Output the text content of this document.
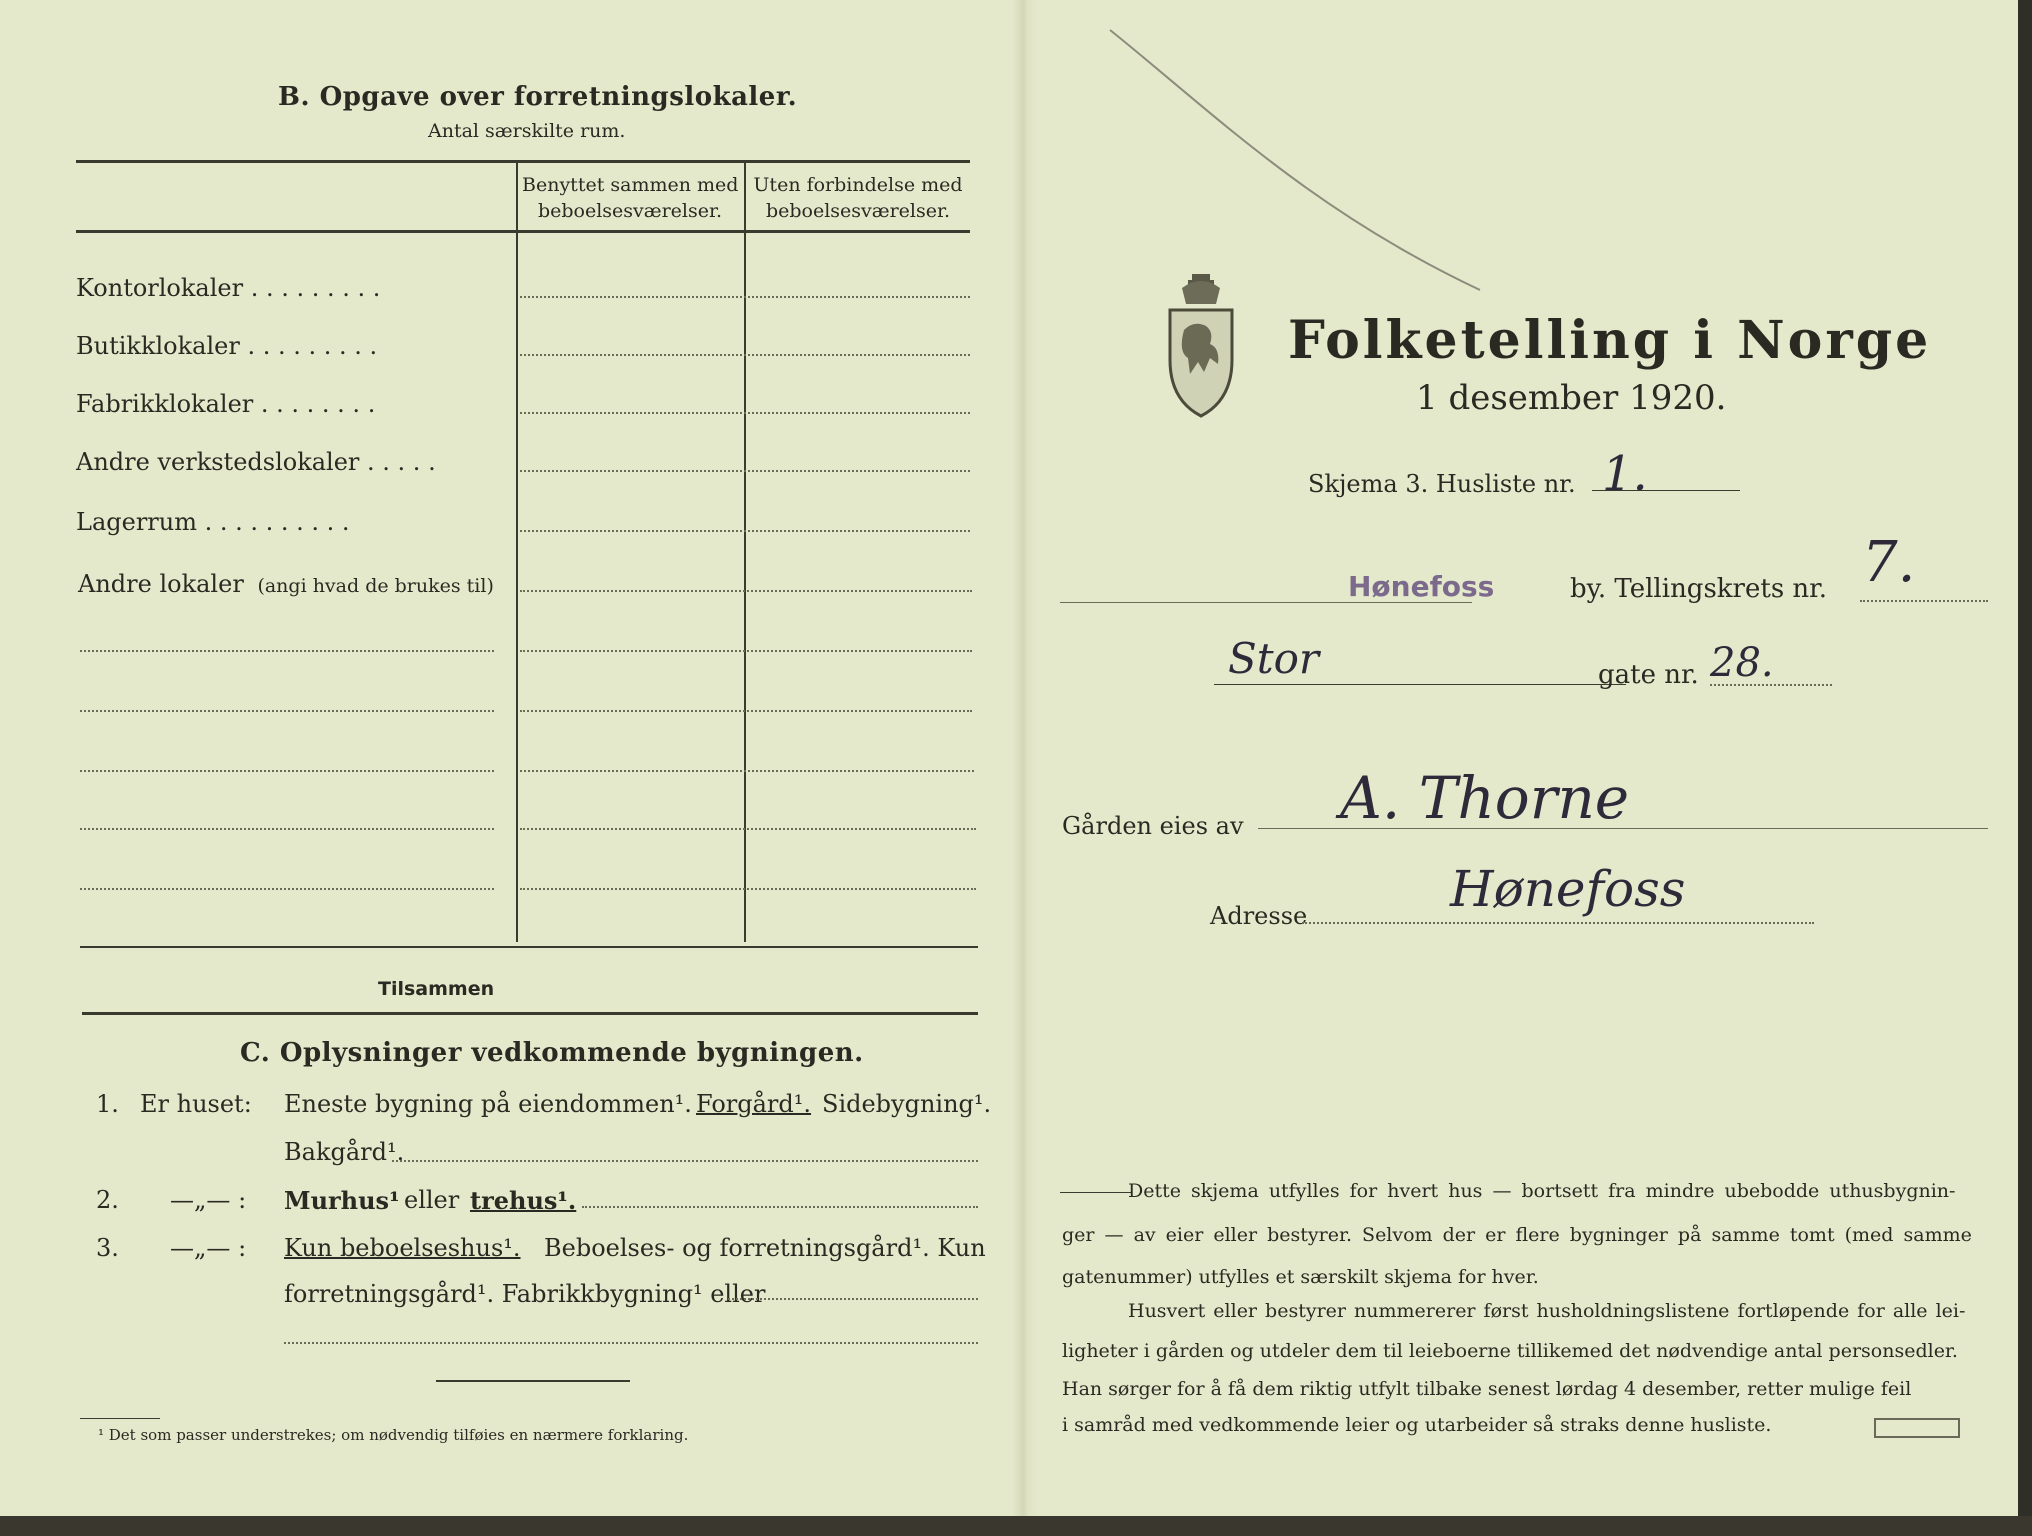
B. Opgave over forretningslokaler.
Antal særskilte rum.
Benyttet sammen med
beboelsesværelser.
Uten forbindelse med
beboelsesværelser.
Kontorlokaler . . . . . . . . .
Butikklokaler . . . . . . . . .
Fabrikklokaler . . . . . . . .
Andre verkstedslokaler . . . . .
Lagerrum . . . . . . . . . .
Andre lokaler (angi hvad de brukes til)
Tilsammen
C. Oplysninger vedkommende bygningen.
1. Er huset: Eneste bygning på eiendommen¹. Forgård¹. Sidebygning¹.
Bakgård¹.
2. —„— : Murhus¹ eller trehus¹.
3. —„— : Kun beboelseshus¹. Beboelses- og forretningsgård¹. Kun
forretningsgård¹. Fabrikkbygning¹ eller
¹ Det som passer understrekes; om nødvendig tilføies en nærmere forklaring.
Folketelling i Norge
1 desember 1920.
Skjema 3. Husliste nr. 1.
Hønefoss	by. Tellingskrets nr. 7.
Stor	gate nr. 28.
Gården eies av A. Thorne
Adresse	Hønefoss
Dette skjema utfylles for hvert hus — bortsett fra mindre ubebodde uthusbygnin-
ger — av eier eller bestyrer. Selvom der er flere bygninger på samme tomt (med samme
gatenummer) utfylles et særskilt skjema for hver.
Husvert eller bestyrer nummererer først husholdningslistene fortløpende for alle lei-
ligheter i gården og utdeler dem til leieboerne tillikemed det nødvendige antal personsedler.
Han sørger for å få dem riktig utfylt tilbake senest lørdag 4 desember, retter mulige feil
i samråd med vedkommende leier og utarbeider så straks denne husliste.
